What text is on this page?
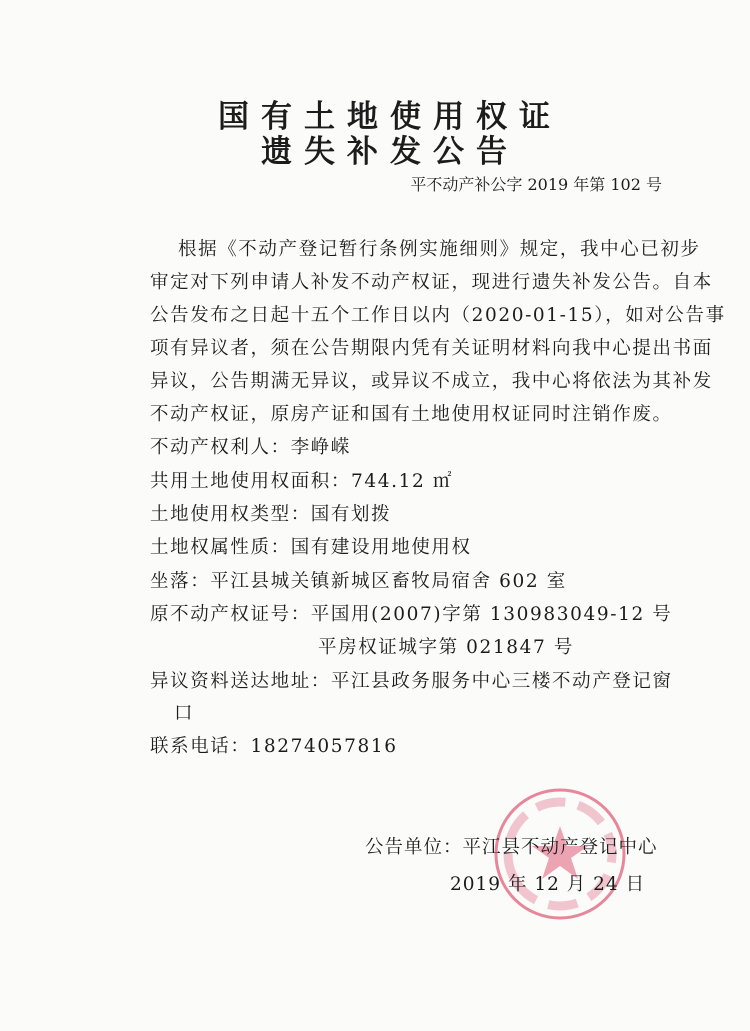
国有土地使用权证
遗失补发公告
平不动产补公字 2019 年第 102 号
根据《不动产登记暂行条例实施细则》规定，我中心已初步
审定对下列申请人补发不动产权证，现进行遗失补发公告。自本
公告发布之日起十五个工作日以内（2020-01-15），如对公告事
项有异议者，须在公告期限内凭有关证明材料向我中心提出书面
异议，公告期满无异议，或异议不成立，我中心将依法为其补发
不动产权证，原房产证和国有土地使用权证同时注销作废。
不动产权利人：李峥嵘
共用土地使用权面积：744.12 ㎡
土地使用权类型：国有划拨
土地权属性质：国有建设用地使用权
坐落：平江县城关镇新城区畜牧局宿舍 602 室
原不动产权证号：平国用(2007)字第 130983049-12 号
平房权证城字第 021847 号
异议资料送达地址：平江县政务服务中心三楼不动产登记窗
口
联系电话：18274057816
公告单位：平江县不动产登记中心
2019 年 12 月 24 日
